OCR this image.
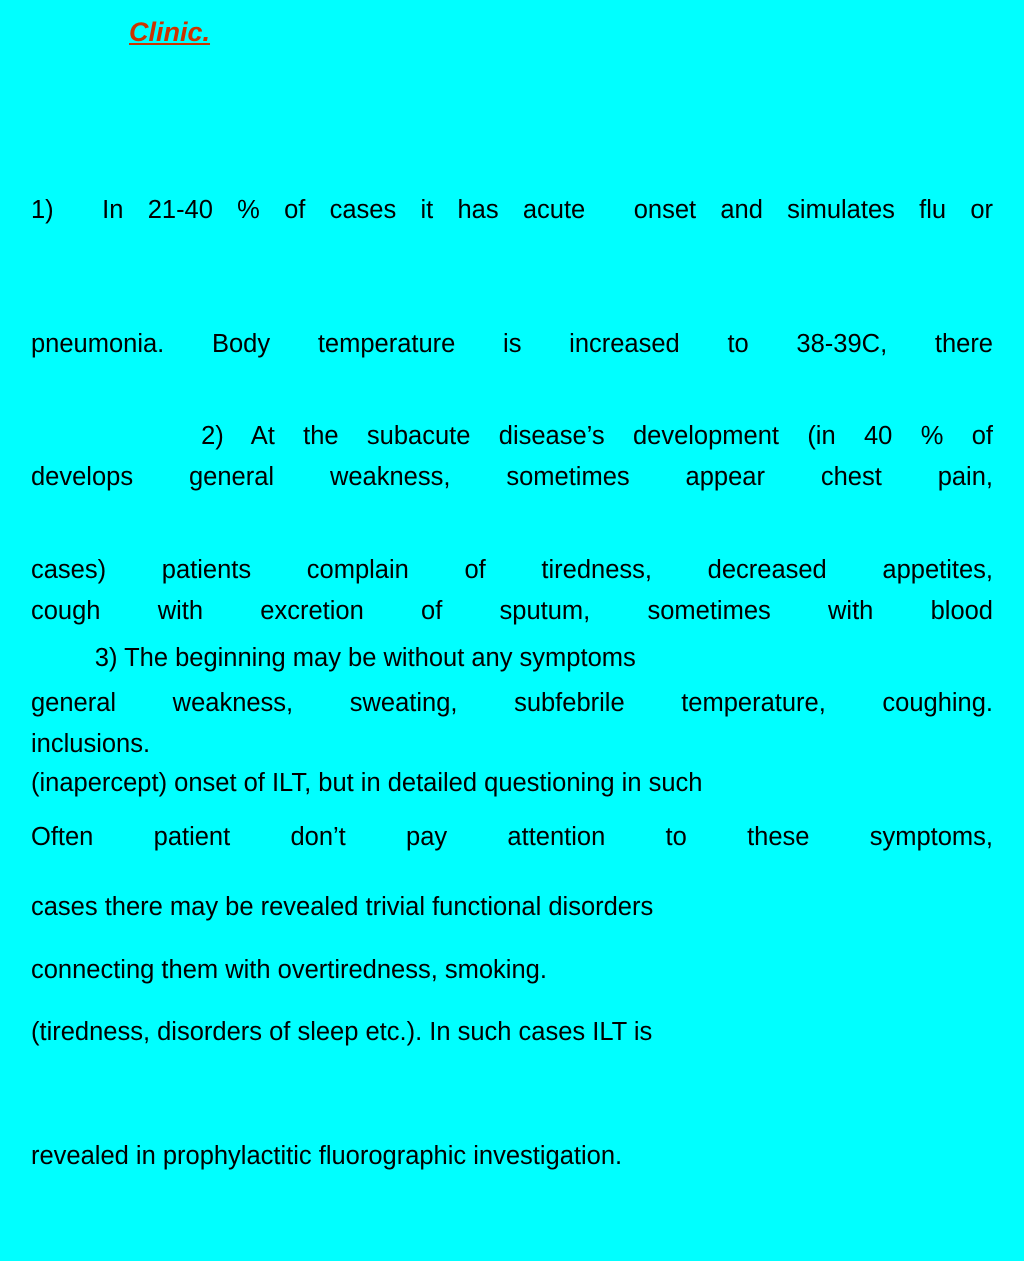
Clinic.

1)  In 21-40 % of cases it has acute  onset and simulates flu or

pneumonia. Body temperature is increased to 38-39C, there

develops general weakness, sometimes appear chest pain,

cough with excretion of sputum, sometimes with blood

inclusions.

2) At the subacute disease’s development (in 40 % of

cases) patients complain of tiredness, decreased appetites,

general weakness, sweating, subfebrile temperature, coughing.

Often patient don’t pay attention to these symptoms,

connecting them with overtiredness, smoking.

3) The beginning may be without any symptoms

(inapercept) onset of ILT, but in detailed questioning in such

cases there may be revealed trivial functional disorders

(tiredness, disorders of sleep etc.). In such cases ILT is

revealed in prophylactitic fluorographic investigation.
